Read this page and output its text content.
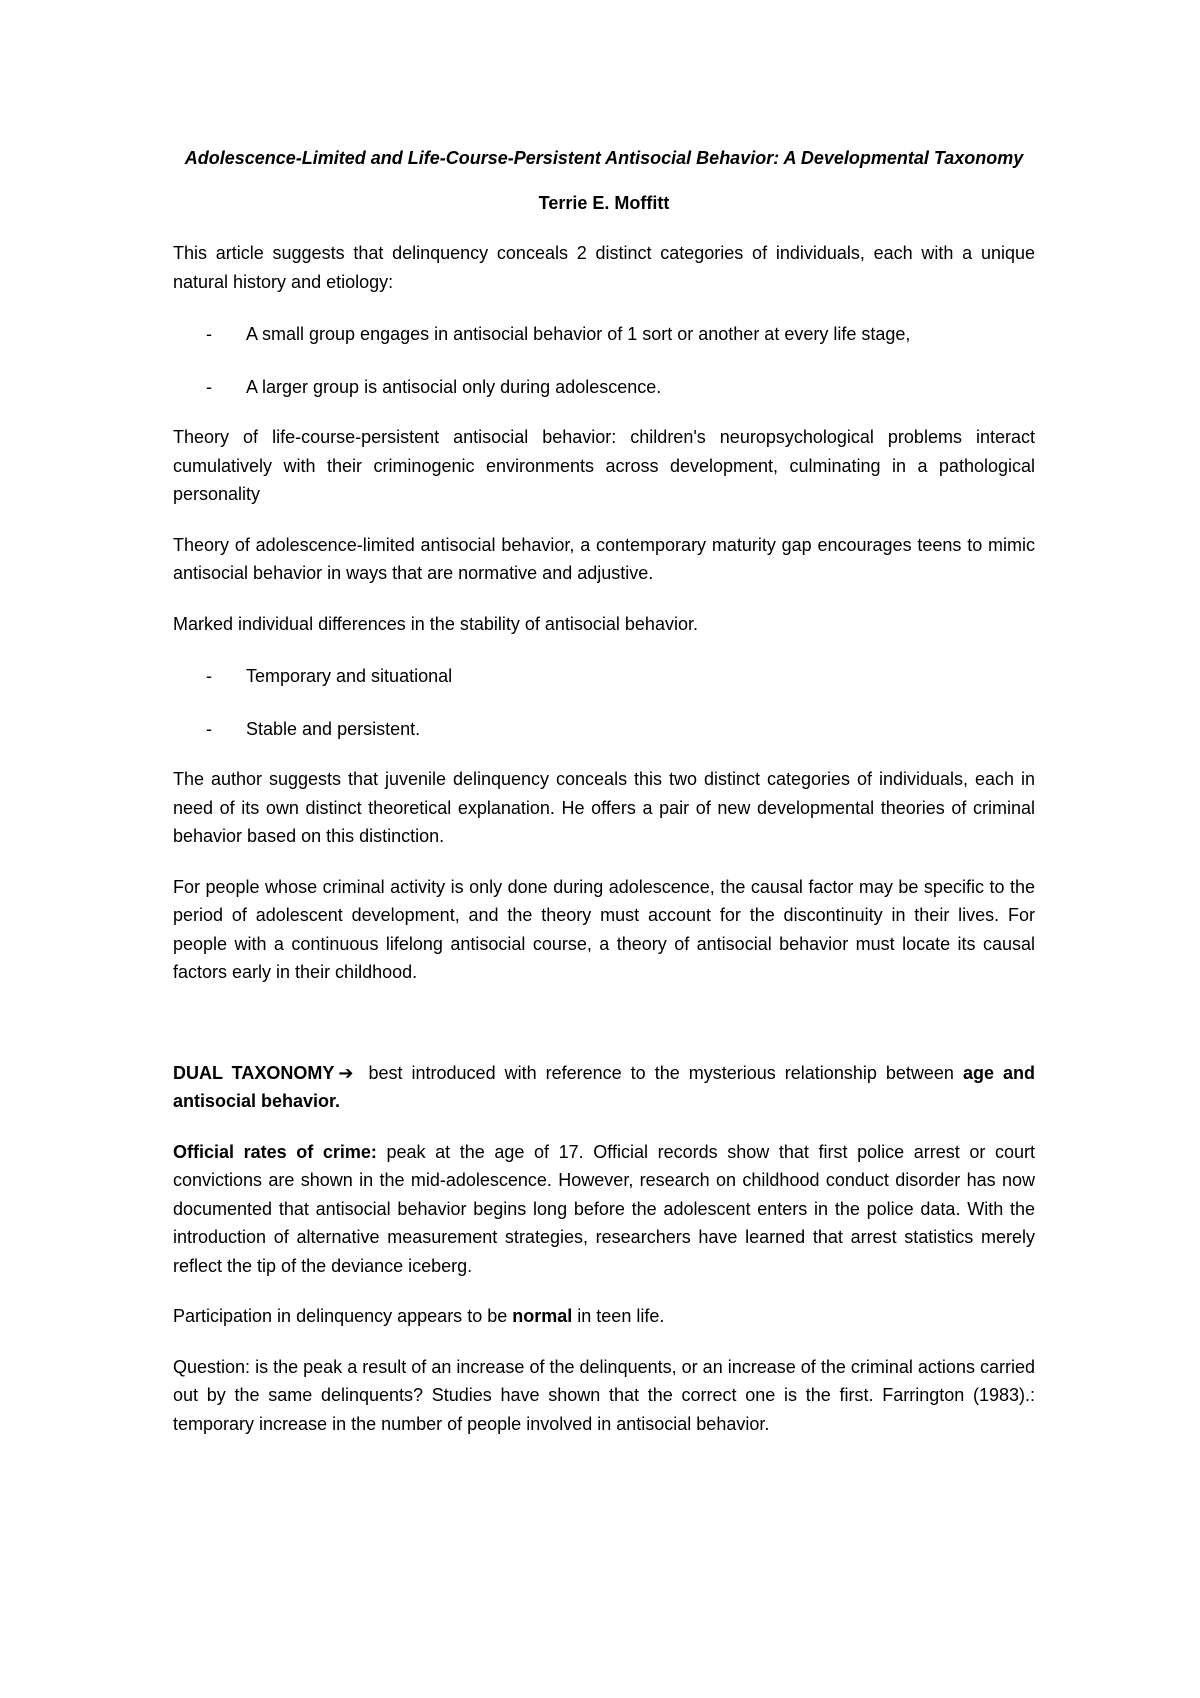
Adolescence-Limited and Life-Course-Persistent Antisocial Behavior: A Developmental Taxonomy

Terrie E. Moffitt

This article suggests that delinquency conceals 2 distinct categories of individuals, each with a unique natural history and etiology:

- A small group engages in antisocial behavior of 1 sort or another at every life stage,
- A larger group is antisocial only during adolescence.

Theory of life-course-persistent antisocial behavior: children's neuropsychological problems interact cumulatively with their criminogenic environments across development, culminating in a pathological personality

Theory of adolescence-limited antisocial behavior, a contemporary maturity gap encourages teens to mimic antisocial behavior in ways that are normative and adjustive.

Marked individual differences in the stability of antisocial behavior.

- Temporary and situational
- Stable and persistent.

The author suggests that juvenile delinquency conceals this two distinct categories of individuals, each in need of its own distinct theoretical explanation. He offers a pair of new developmental theories of criminal behavior based on this distinction.

For people whose criminal activity is only done during adolescence, the causal factor may be specific to the period of adolescent development, and the theory must account for the discontinuity in their lives. For people with a continuous lifelong antisocial course, a theory of antisocial behavior must locate its causal factors early in their childhood.

DUAL TAXONOMY ➔ best introduced with reference to the mysterious relationship between age and antisocial behavior.

Official rates of crime: peak at the age of 17. Official records show that first police arrest or court convictions are shown in the mid-adolescence. However, research on childhood conduct disorder has now documented that antisocial behavior begins long before the adolescent enters in the police data. With the introduction of alternative measurement strategies, researchers have learned that arrest statistics merely reflect the tip of the deviance iceberg.

Participation in delinquency appears to be normal in teen life.

Question: is the peak a result of an increase of the delinquents, or an increase of the criminal actions carried out by the same delinquents? Studies have shown that the correct one is the first. Farrington (1983).: temporary increase in the number of people involved in antisocial behavior.
